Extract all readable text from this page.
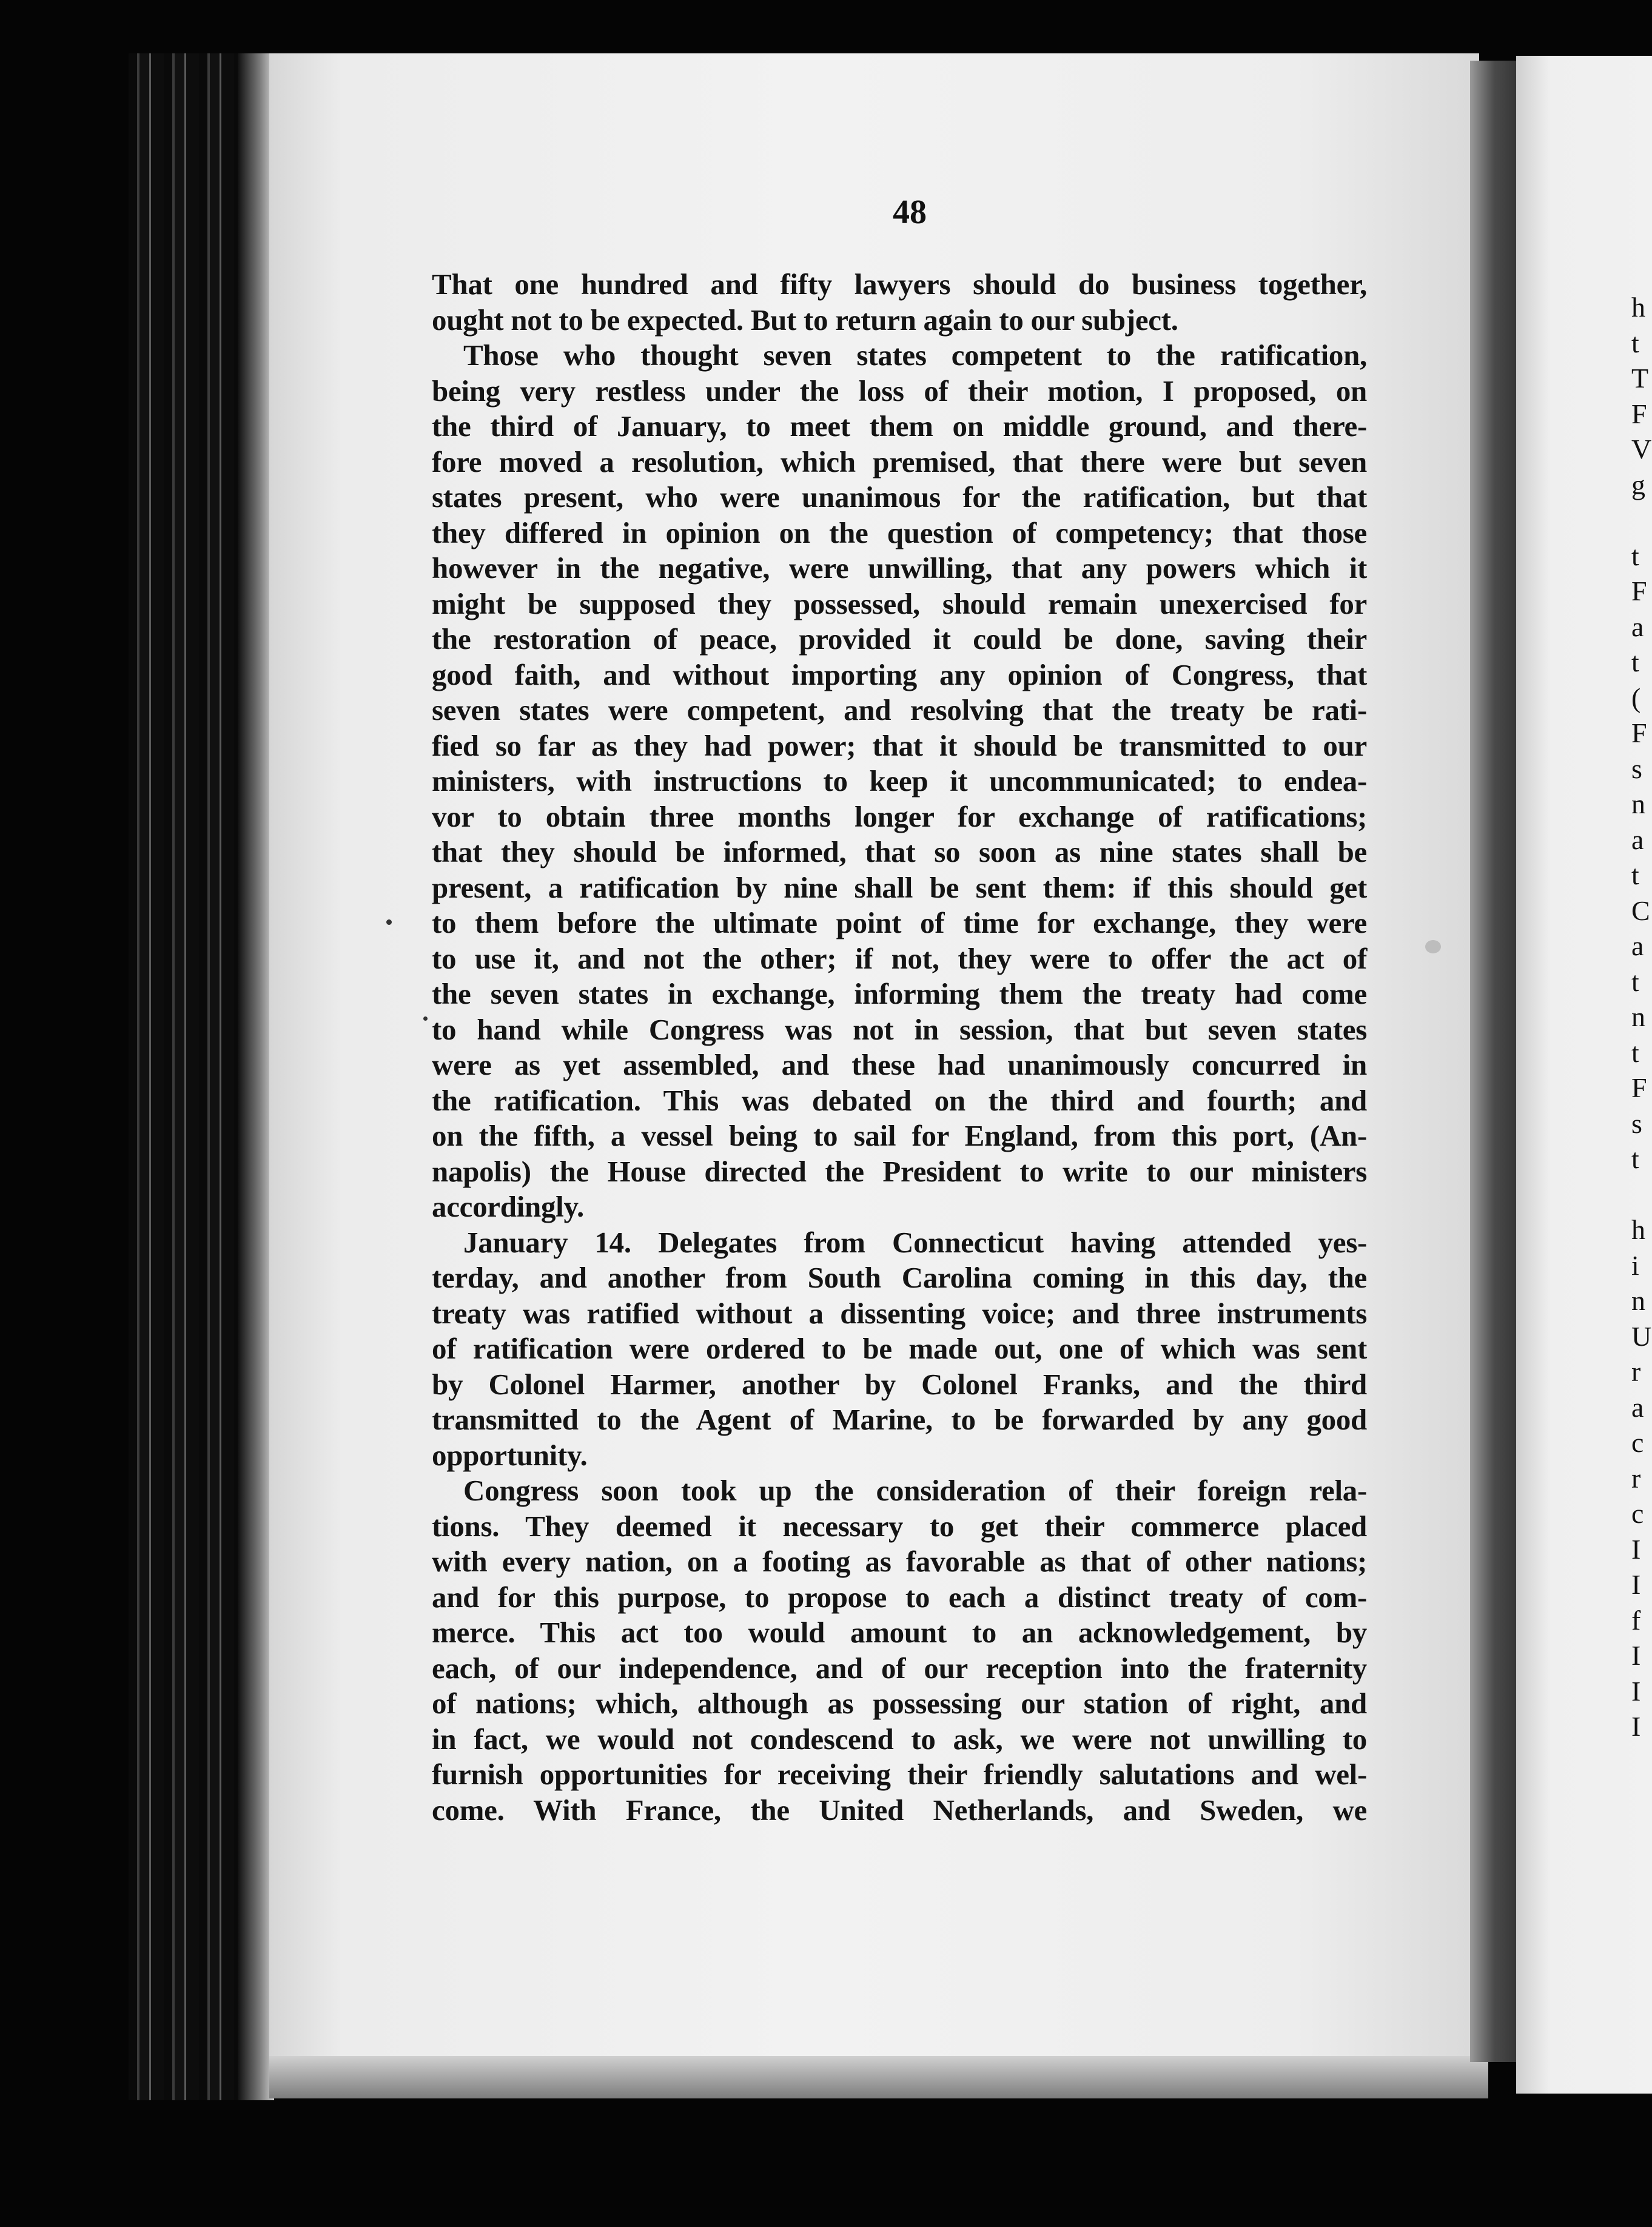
h
t
T
F
V
g
t
F
a
t
(
F
s
n
a
t
C
a
t
n
t
F
s
t
h
i
n
U
r
a
c
r
c
I
I
f
I
I
I
48
That one hundred and fifty lawyers should do business together,
ought not to be expected. But to return again to our subject.
Those who thought seven states competent to the ratification,
being very restless under the loss of their motion, I proposed, on
the third of January, to meet them on middle ground, and there-
fore moved a resolution, which premised, that there were but seven
states present, who were unanimous for the ratification, but that
they differed in opinion on the question of competency; that those
however in the negative, were unwilling, that any powers which it
might be supposed they possessed, should remain unexercised for
the restoration of peace, provided it could be done, saving their
good faith, and without importing any opinion of Congress, that
seven states were competent, and resolving that the treaty be rati-
fied so far as they had power; that it should be transmitted to our
ministers, with instructions to keep it uncommunicated; to endea-
vor to obtain three months longer for exchange of ratifications;
that they should be informed, that so soon as nine states shall be
present, a ratification by nine shall be sent them: if this should get
to them before the ultimate point of time for exchange, they were
to use it, and not the other; if not, they were to offer the act of
the seven states in exchange, informing them the treaty had come
to hand while Congress was not in session, that but seven states
were as yet assembled, and these had unanimously concurred in
the ratification. This was debated on the third and fourth; and
on the fifth, a vessel being to sail for England, from this port, (An-
napolis) the House directed the President to write to our ministers
accordingly.
January 14. Delegates from Connecticut having attended yes-
terday, and another from South Carolina coming in this day, the
treaty was ratified without a dissenting voice; and three instruments
of ratification were ordered to be made out, one of which was sent
by Colonel Harmer, another by Colonel Franks, and the third
transmitted to the Agent of Marine, to be forwarded by any good
opportunity.
Congress soon took up the consideration of their foreign rela-
tions. They deemed it necessary to get their commerce placed
with every nation, on a footing as favorable as that of other nations;
and for this purpose, to propose to each a distinct treaty of com-
merce. This act too would amount to an acknowledgement, by
each, of our independence, and of our reception into the fraternity
of nations; which, although as possessing our station of right, and
in fact, we would not condescend to ask, we were not unwilling to
furnish opportunities for receiving their friendly salutations and wel-
come. With France, the United Netherlands, and Sweden, we
